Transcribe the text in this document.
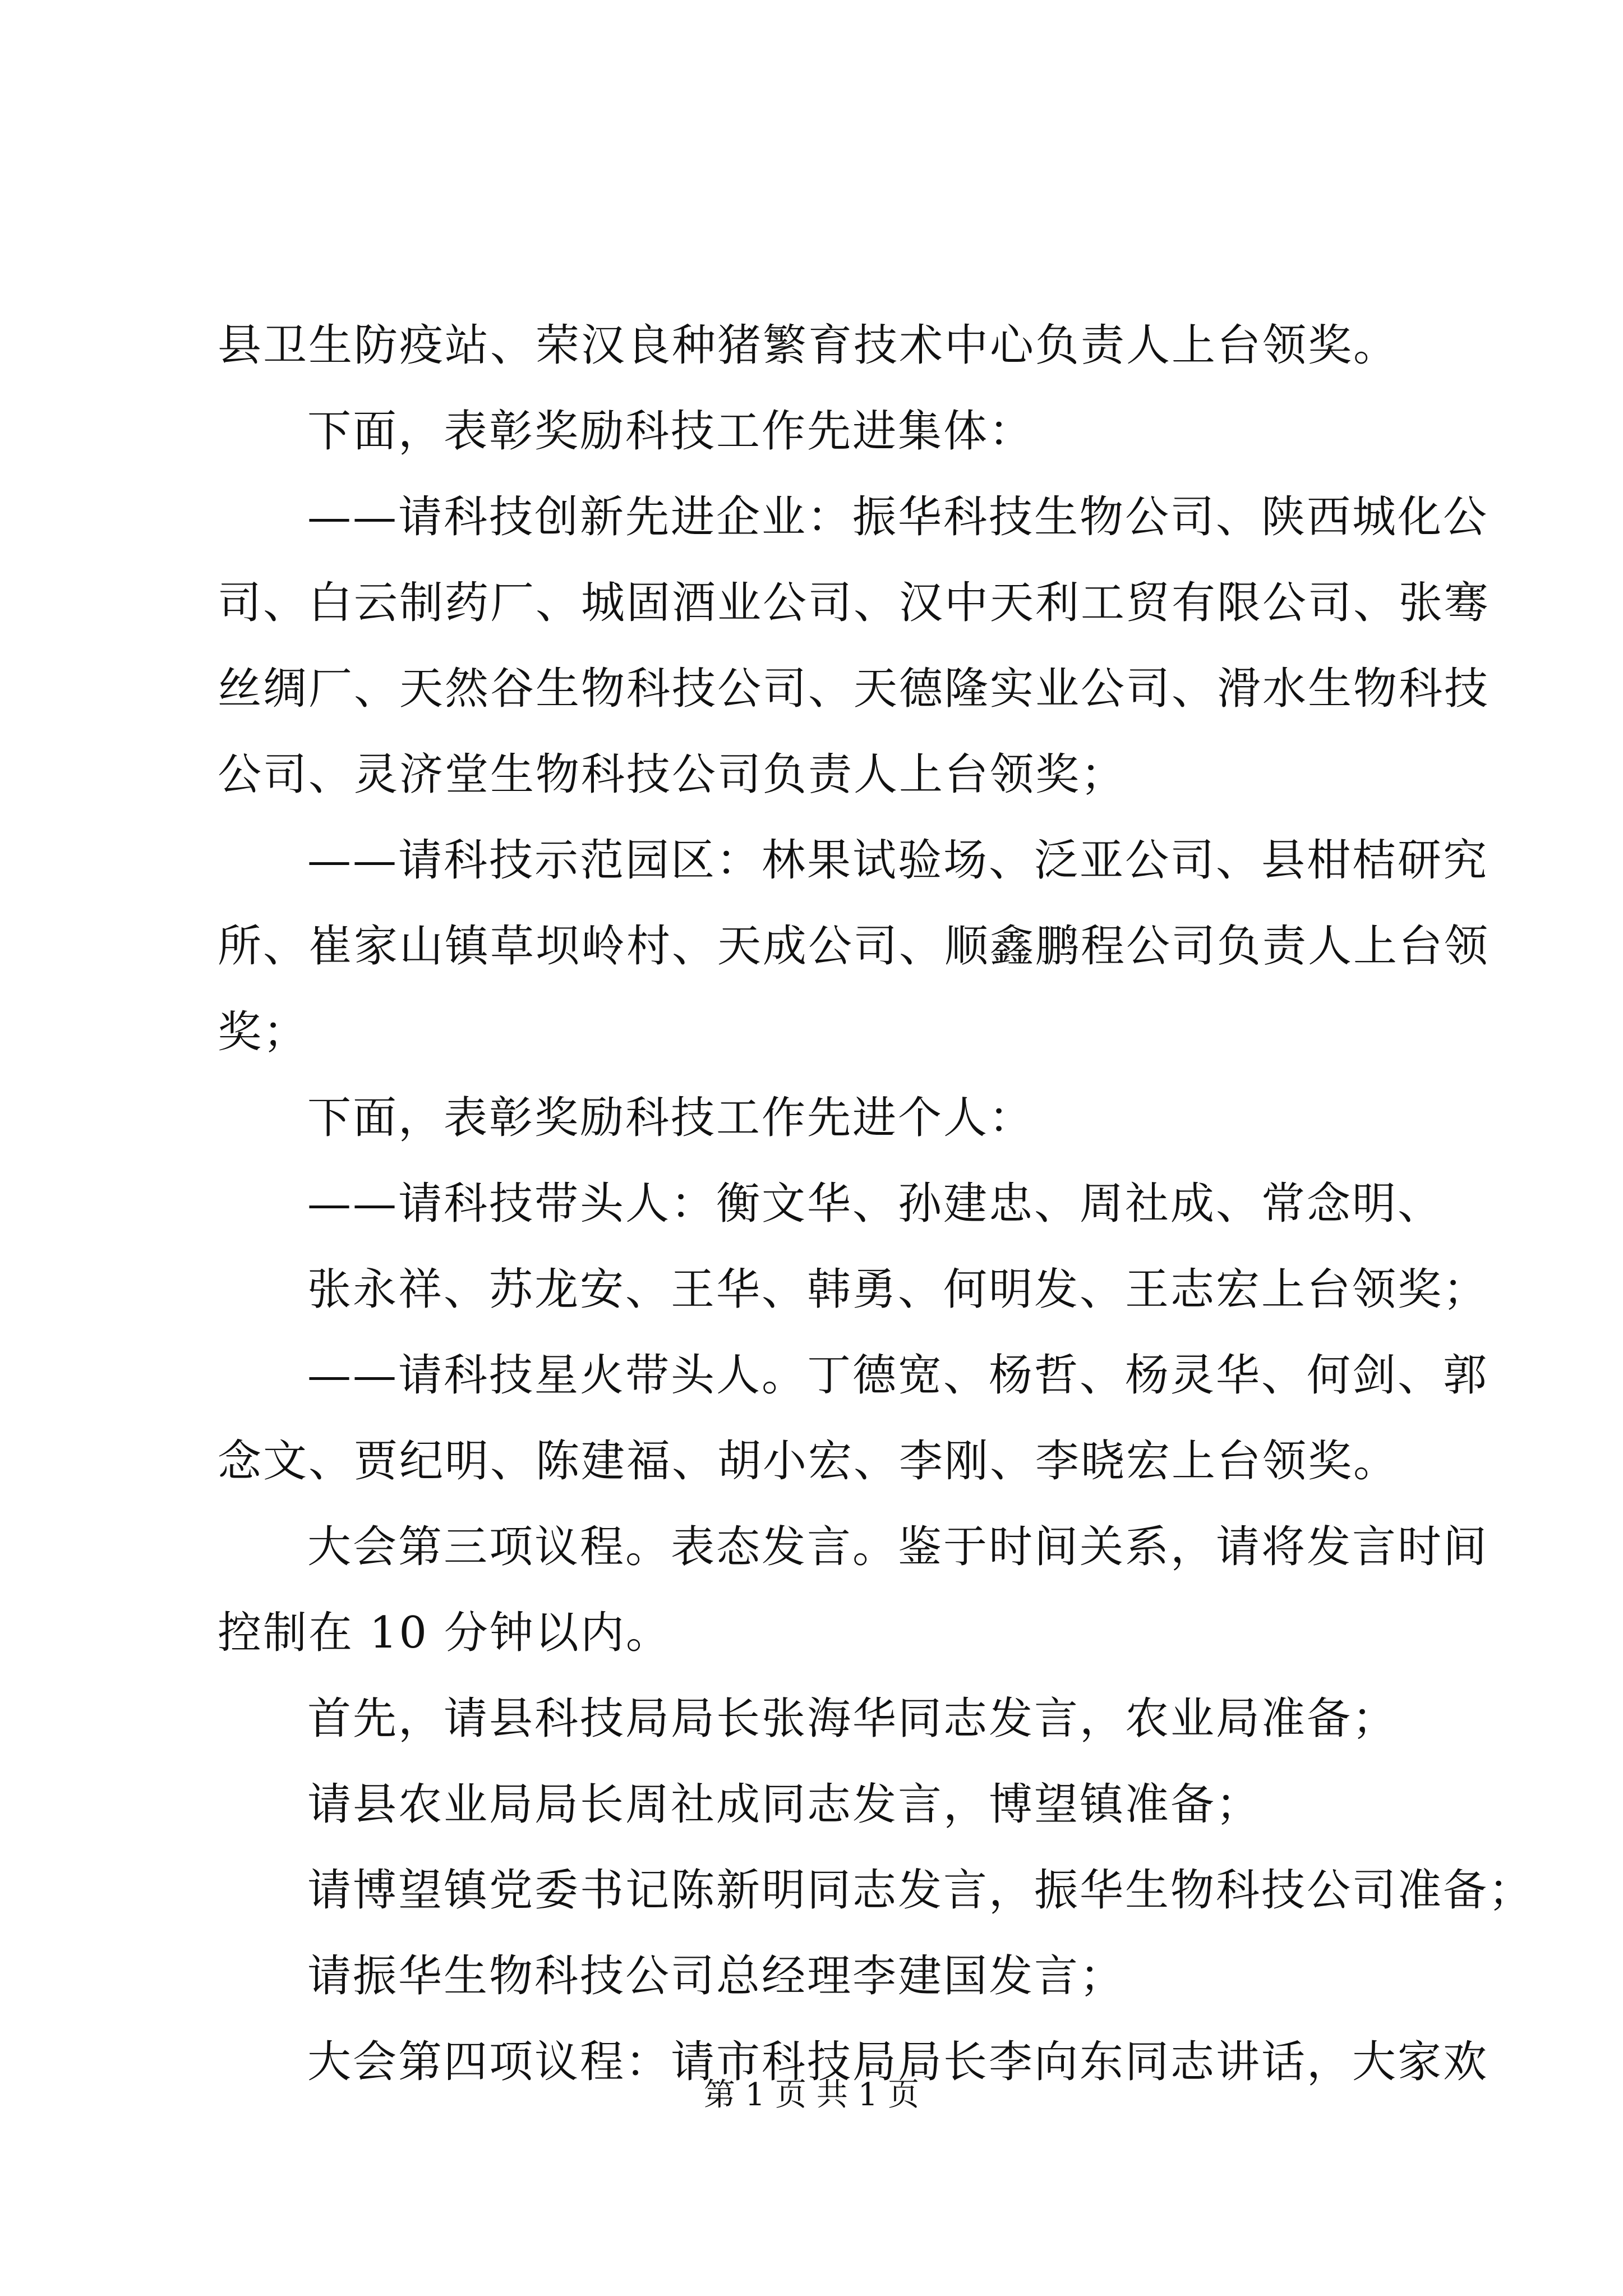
县卫生防疫站、荣汉良种猪繁育技术中心负责人上台领奖。
下面，表彰奖励科技工作先进集体：
——请科技创新先进企业：振华科技生物公司、陕西城化公
司、白云制药厂、城固酒业公司、汉中天利工贸有限公司、张骞
丝绸厂、天然谷生物科技公司、天德隆实业公司、滑水生物科技
公司、灵济堂生物科技公司负责人上台领奖；
——请科技示范园区：林果试验场、泛亚公司、县柑桔研究
所、崔家山镇草坝岭村、天成公司、顺鑫鹏程公司负责人上台领
奖；
下面，表彰奖励科技工作先进个人：
——请科技带头人：衡文华、孙建忠、周社成、常念明、
张永祥、苏龙安、王华、韩勇、何明发、王志宏上台领奖；
——请科技星火带头人。丁德宽、杨哲、杨灵华、何剑、郭
念文、贾纪明、陈建福、胡小宏、李刚、李晓宏上台领奖。
大会第三项议程。表态发言。鉴于时间关系，请将发言时间
控制在 10 分钟以内。
首先，请县科技局局长张海华同志发言，农业局准备；
请县农业局局长周社成同志发言，博望镇准备；
请博望镇党委书记陈新明同志发言，振华生物科技公司准备；
请振华生物科技公司总经理李建国发言；
大会第四项议程：请市科技局局长李向东同志讲话，大家欢
第 1 页 共 1 页
